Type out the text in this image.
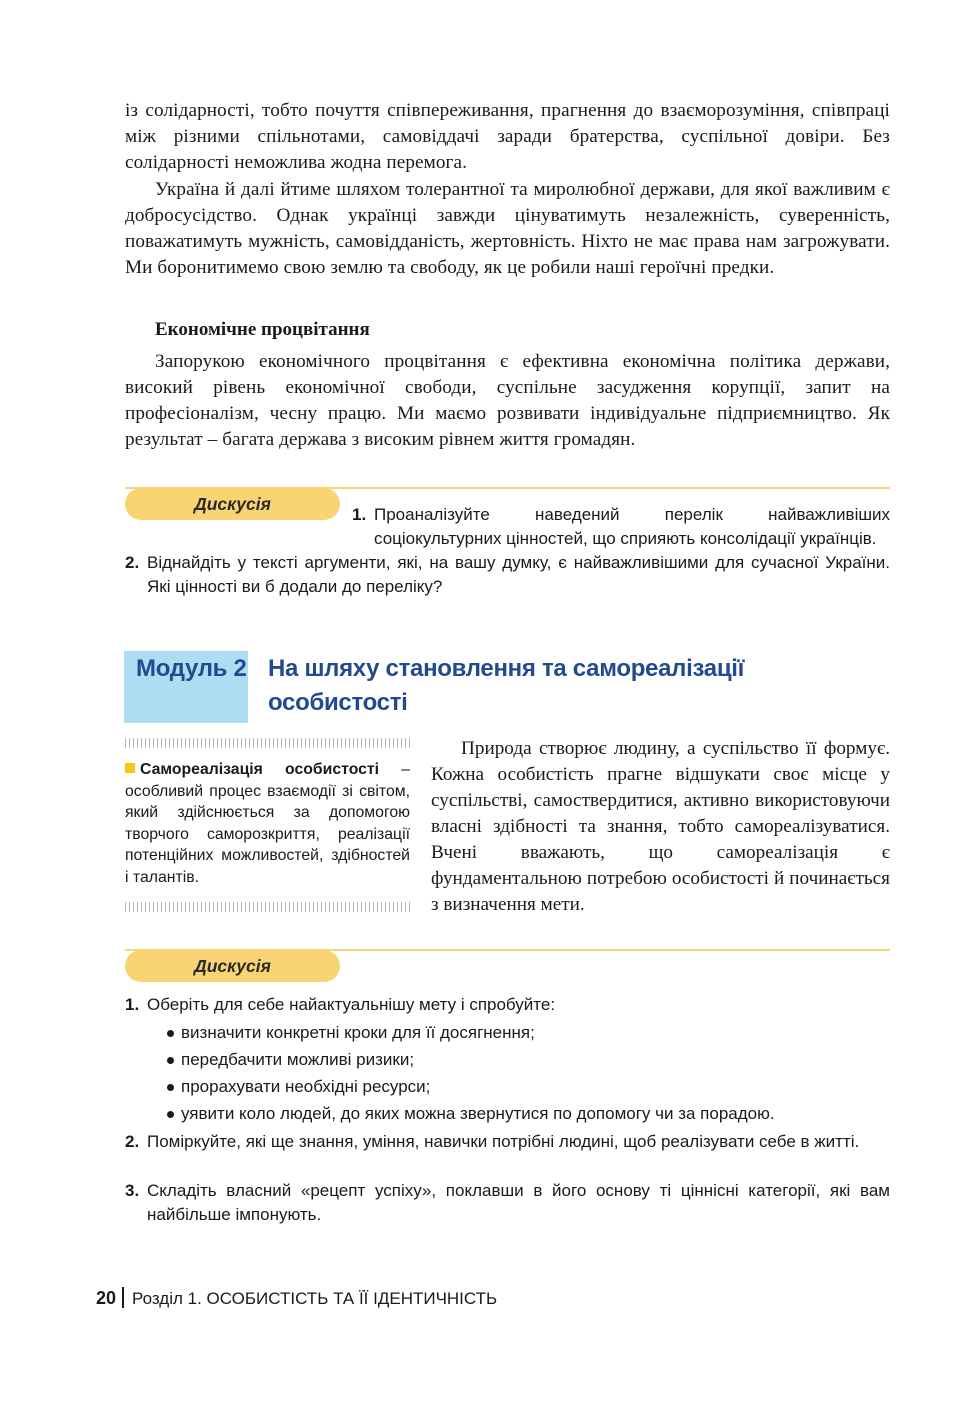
із солідарності, тобто почуття співпереживання, прагнення до взаєморозуміння, співпраці між різними спільнотами, самовіддачі заради братерства, суспільної довіри. Без солідарності неможлива жодна перемога.

Україна й далі йтиме шляхом толерантної та миролюбної держави, для якої важливим є добросусідство. Однак українці завжди цінуватимуть незалежність, суверенність, поважатимуть мужність, самовідданість, жертовність. Ніхто не має права нам загрожувати. Ми боронитимемо свою землю та свободу, як це робили наші героїчні предки.

Економічне процвітання

Запорукою економічного процвітання є ефективна економічна політика держави, високий рівень економічної свободи, суспільне засудження корупції, запит на професіоналізм, чесну працю. Ми маємо розвивати індивідуальне підприємництво. Як результат – багата держава з високим рівнем життя громадян.

Дискусія
1. Проаналізуйте наведений перелік найважливіших соціокультурних цінностей, що сприяють консолідації українців.
2. Віднайдіть у тексті аргументи, які, на вашу думку, є найважливішими для сучасної України. Які цінності ви б додали до переліку?
Модуль 2 На шляху становлення та самореалізації особистості

Самореалізація особистості – особливий процес взаємодії зі світом, який здійснюється за допомогою творчого саморозкриття, реалізації потенційних можливостей, здібностей і талантів.

Природа створює людину, а суспільство її формує. Кожна особистість прагне відшукати своє місце у суспільстві, самоствердитися, активно використовуючи власні здібності та знання, тобто самореалізуватися. Вчені вважають, що самореалізація є фундаментальною потребою особистості й починається з визначення мети.

Дискусія
1. Оберіть для себе найактуальнішу мету і спробуйте:
визначити конкретні кроки для її досягнення;
передбачити можливі ризики;
прорахувати необхідні ресурси;
уявити коло людей, до яких можна звернутися по допомогу чи за порадою.
2. Поміркуйте, які ще знання, уміння, навички потрібні людині, щоб реалізувати себе в житті.
3. Складіть власний «рецепт успіху», поклавши в його основу ті ціннісні категорії, які вам найбільше імпонують.
20 Розділ 1. ОСОБИСТІСТЬ ТА ЇЇ ІДЕНТИЧНІСТЬ
